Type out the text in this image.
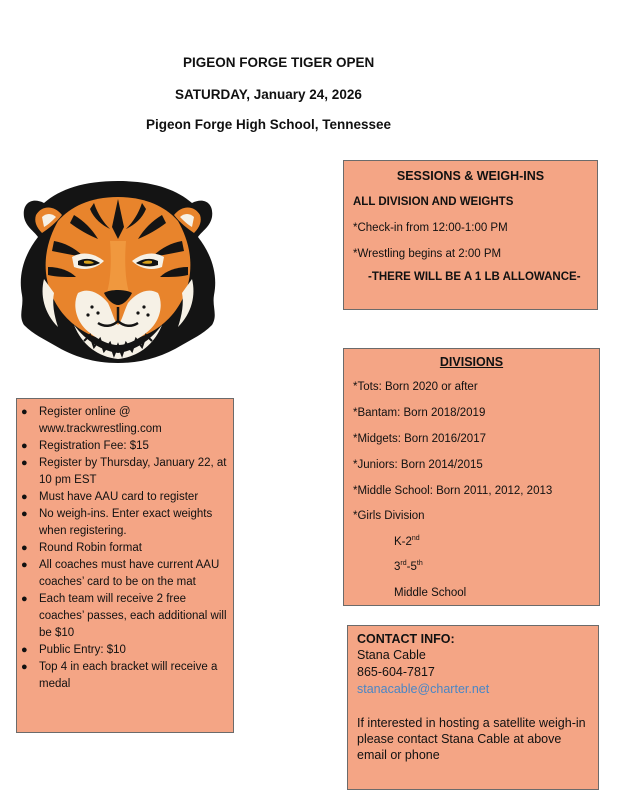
PIGEON FORGE TIGER OPEN
SATURDAY, January 24, 2026
Pigeon Forge High School, Tennessee
SESSIONS & WEIGH-INS
ALL DIVISION AND WEIGHTS
*Check-in from 12:00-1:00 PM
*Wrestling begins at 2:00 PM
-THERE WILL BE A 1 LB ALLOWANCE-
DIVISIONS
*Tots: Born 2020 or after
*Bantam: Born 2018/2019
*Midgets: Born 2016/2017
*Juniors: Born 2014/2015
*Middle School: Born 2011, 2012, 2013
*Girls Division
K-2nd
3rd-5th
Middle School
● Register online @ www.trackwrestling.com
● Registration Fee: $15
● Register by Thursday, January 22, at 10 pm EST
● Must have AAU card to register
● No weigh-ins. Enter exact weights when registering.
● Round Robin format
● All coaches must have current AAU coaches’ card to be on the mat
● Each team will receive 2 free coaches’ passes, each additional will be $10
● Public Entry: $10
● Top 4 in each bracket will receive a medal
CONTACT INFO:
Stana Cable
865-604-7817
stanacable@charter.net
If interested in hosting a satellite weigh-in please contact Stana Cable at above email or phone
